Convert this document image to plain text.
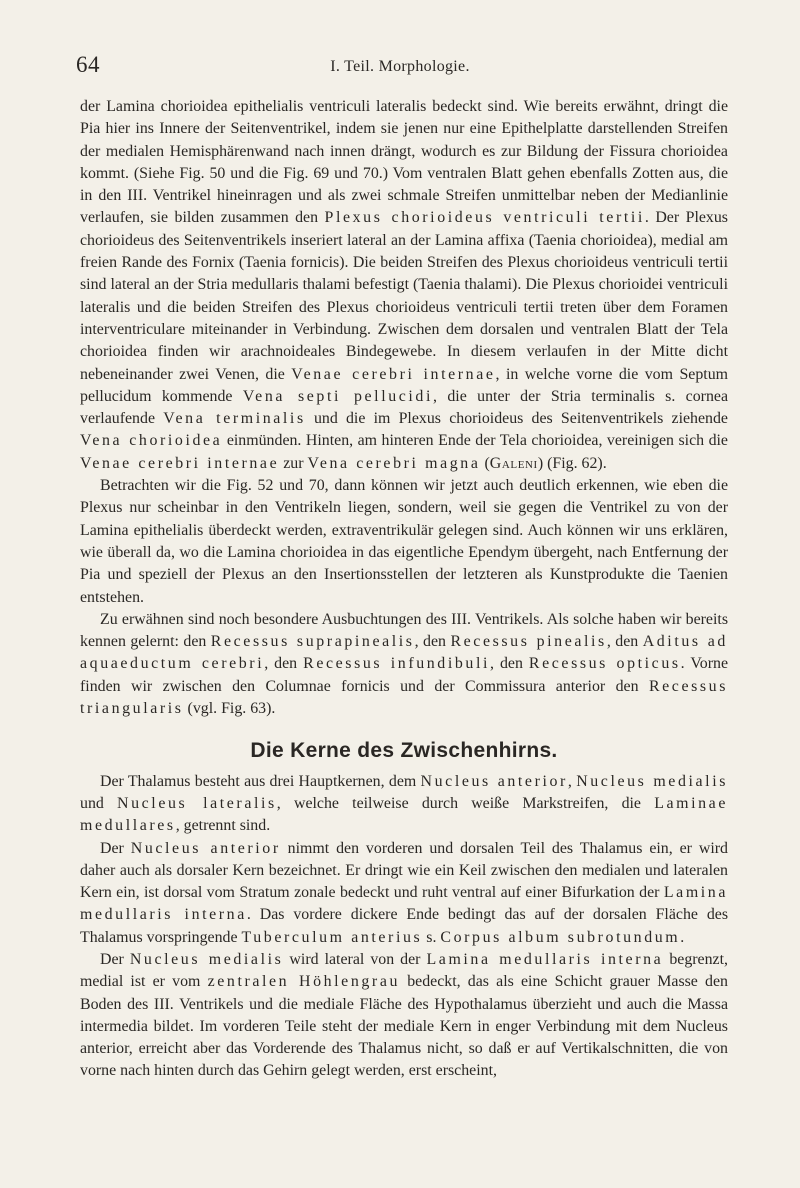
64	I. Teil. Morphologie.

der Lamina chorioidea epithelialis ventriculi lateralis bedeckt sind. Wie bereits erwähnt, dringt die Pia hier ins Innere der Seitenventrikel, indem sie jenen nur eine Epithelplatte darstellenden Streifen der medialen Hemisphärenwand nach innen drängt, wodurch es zur Bildung der Fissura chorioidea kommt. (Siehe Fig. 50 und die Fig. 69 und 70.) Vom ventralen Blatt gehen ebenfalls Zotten aus, die in den III. Ventrikel hineinragen und als zwei schmale Streifen unmittelbar neben der Medianlinie verlaufen, sie bilden zusammen den Plexus chorioideus ventriculi tertii. Der Plexus chorioideus des Seitenventrikels inseriert lateral an der Lamina affixa (Taenia chorioidea), medial am freien Rande des Fornix (Taenia fornicis). Die beiden Streifen des Plexus chorioideus ventriculi tertii sind lateral an der Stria medullaris thalami befestigt (Taenia thalami). Die Plexus chorioidei ventriculi lateralis und die beiden Streifen des Plexus chorioideus ventriculi tertii treten über dem Foramen interventriculare miteinander in Verbindung. Zwischen dem dorsalen und ventralen Blatt der Tela chorioidea finden wir arachnoideales Bindegewebe. In diesem verlaufen in der Mitte dicht nebeneinander zwei Venen, die Venae cerebri internae, in welche vorne die vom Septum pellucidum kommende Vena septi pellucidi, die unter der Stria terminalis s. cornea verlaufende Vena terminalis und die im Plexus chorioideus des Seitenventrikels ziehende Vena chorioidea einmünden. Hinten, am hinteren Ende der Tela chorioidea, vereinigen sich die Venae cerebri internae zur Vena cerebri magna (Galeni) (Fig. 62).

Betrachten wir die Fig. 52 und 70, dann können wir jetzt auch deutlich erkennen, wie eben die Plexus nur scheinbar in den Ventrikeln liegen, sondern, weil sie gegen die Ventrikel zu von der Lamina epithelialis überdeckt werden, extraventrikulär gelegen sind. Auch können wir uns erklären, wie überall da, wo die Lamina chorioidea in das eigentliche Ependym übergeht, nach Entfernung der Pia und speziell der Plexus an den Insertionsstellen der letzteren als Kunstprodukte die Taenien entstehen.

Zu erwähnen sind noch besondere Ausbuchtungen des III. Ventrikels. Als solche haben wir bereits kennen gelernt: den Recessus suprapinealis, den Recessus pinealis, den Aditus ad aquaeductum cerebri, den Recessus infundibuli, den Recessus opticus. Vorne finden wir zwischen den Columnae fornicis und der Commissura anterior den Recessus triangularis (vgl. Fig. 63).

Die Kerne des Zwischenhirns.

Der Thalamus besteht aus drei Hauptkernen, dem Nucleus anterior, Nucleus medialis und Nucleus lateralis, welche teilweise durch weiße Markstreifen, die Laminae medullares, getrennt sind.

Der Nucleus anterior nimmt den vorderen und dorsalen Teil des Thalamus ein, er wird daher auch als dorsaler Kern bezeichnet. Er dringt wie ein Keil zwischen den medialen und lateralen Kern ein, ist dorsal vom Stratum zonale bedeckt und ruht ventral auf einer Bifurkation der Lamina medullaris interna. Das vordere dickere Ende bedingt das auf der dorsalen Fläche des Thalamus vorspringende Tuberculum anterius s. Corpus album subrotundum.

Der Nucleus medialis wird lateral von der Lamina medullaris interna begrenzt, medial ist er vom zentralen Höhlengrau bedeckt, das als eine Schicht grauer Masse den Boden des III. Ventrikels und die mediale Fläche des Hypothalamus überzieht und auch die Massa intermedia bildet. Im vorderen Teile steht der mediale Kern in enger Verbindung mit dem Nucleus anterior, erreicht aber das Vorderende des Thalamus nicht, so daß er auf Vertikalschnitten, die von vorne nach hinten durch das Gehirn gelegt werden, erst erscheint,
